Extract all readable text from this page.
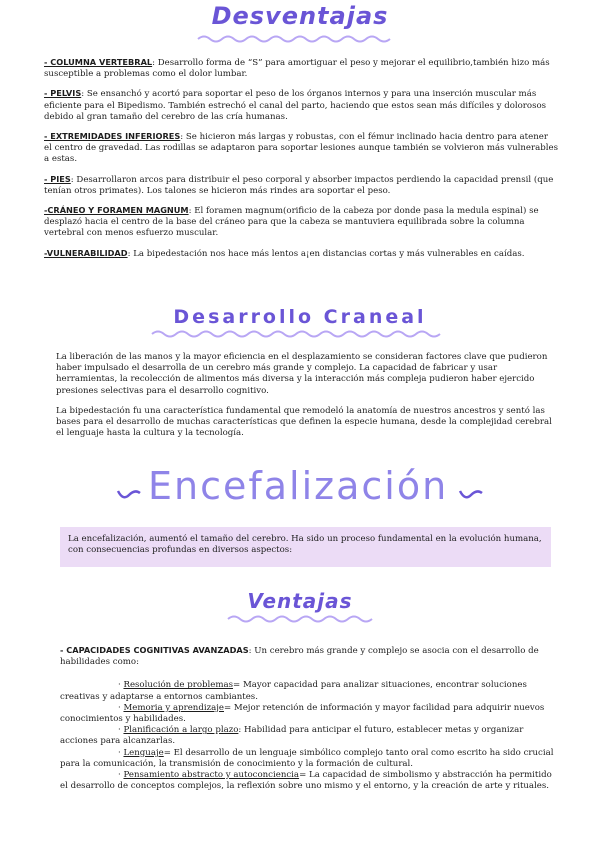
Desventajas

- COLUMNA VERTEBRAL: Desarrollo forma de “S” para amortiguar el peso y mejorar el equilibrio,también hizo más susceptible a problemas como el dolor lumbar.

- PELVIS: Se ensanchó y acortó para soportar el peso de los órganos internos y para una inserción muscular más eficiente para el Bipedismo. También estrechó el canal del parto, haciendo que estos sean más difíciles y dolorosos debido al gran tamaño del cerebro de las cría humanas.

- EXTREMIDADES INFERIORES: Se hicieron más largas y robustas, con el fémur inclinado hacia dentro para atener el centro de gravedad. Las rodillas se adaptaron para soportar lesiones aunque también se volvieron más vulnerables a estas.

- PIES: Desarrollaron arcos para distribuir el peso corporal y absorber impactos perdiendo la capacidad prensil (que tenían otros primates). Los talones se hicieron más rindes ara soportar el peso.

-CRÁNEO Y FORAMEN MAGNUM: El foramen magnum(orificio de la cabeza por donde pasa la medula espinal) se desplazó hacia el centro de la base del cráneo para que la cabeza se mantuviera equilibrada sobre la columna vertebral con menos esfuerzo muscular.

-VULNERABILIDAD: La bipedestación nos hace más lentos a¡en distancias cortas y más vulnerables en caídas.

Desarrollo Craneal

La liberación de las manos y la mayor eficiencia en el desplazamiento se consideran factores clave que pudieron haber impulsado el desarrolla de un cerebro más grande y complejo. La capacidad de fabricar y usar herramientas, la recolección de alimentos más diversa y la interacción más compleja pudieron haber ejercido presiones selectivas para el desarrollo cognitivo.

La bipedestación fu una característica fundamental que remodeló la anatomía de nuestros ancestros y sentó las bases para el desarrollo de muchas características que definen la especie humana, desde la complejidad cerebral el lenguaje hasta la cultura y la tecnología.

Encefalización
La encefalización, aumentó el tamaño del cerebro. Ha sido un proceso fundamental en la evolución humana, con consecuencias profundas en diversos aspectos:
Ventajas

- CAPACIDADES COGNITIVAS AVANZADAS: Un cerebro más grande y complejo se asocia con el desarrollo de habilidades como:

· Resolución de problemas= Mayor capacidad para analizar situaciones, encontrar soluciones creativas y adaptarse a entornos cambiantes.

· Memoria y aprendizaje= Mejor retención de información y mayor facilidad para adquirir nuevos conocimientos y habilidades.

· Planificación a largo plazo: Habilidad para anticipar el futuro, establecer metas y organizar acciones para alcanzarlas.

· Lenguaje= El desarrollo de un lenguaje simbólico complejo tanto oral como escrito ha sido crucial para la comunicación, la transmisión de conocimiento y la formación de cultural.

· Pensamiento abstracto y autoconciencia= La capacidad de simbolismo y abstracción ha permitido el desarrollo de conceptos complejos, la reflexión sobre uno mismo y el entorno, y la creación de arte y rituales.
